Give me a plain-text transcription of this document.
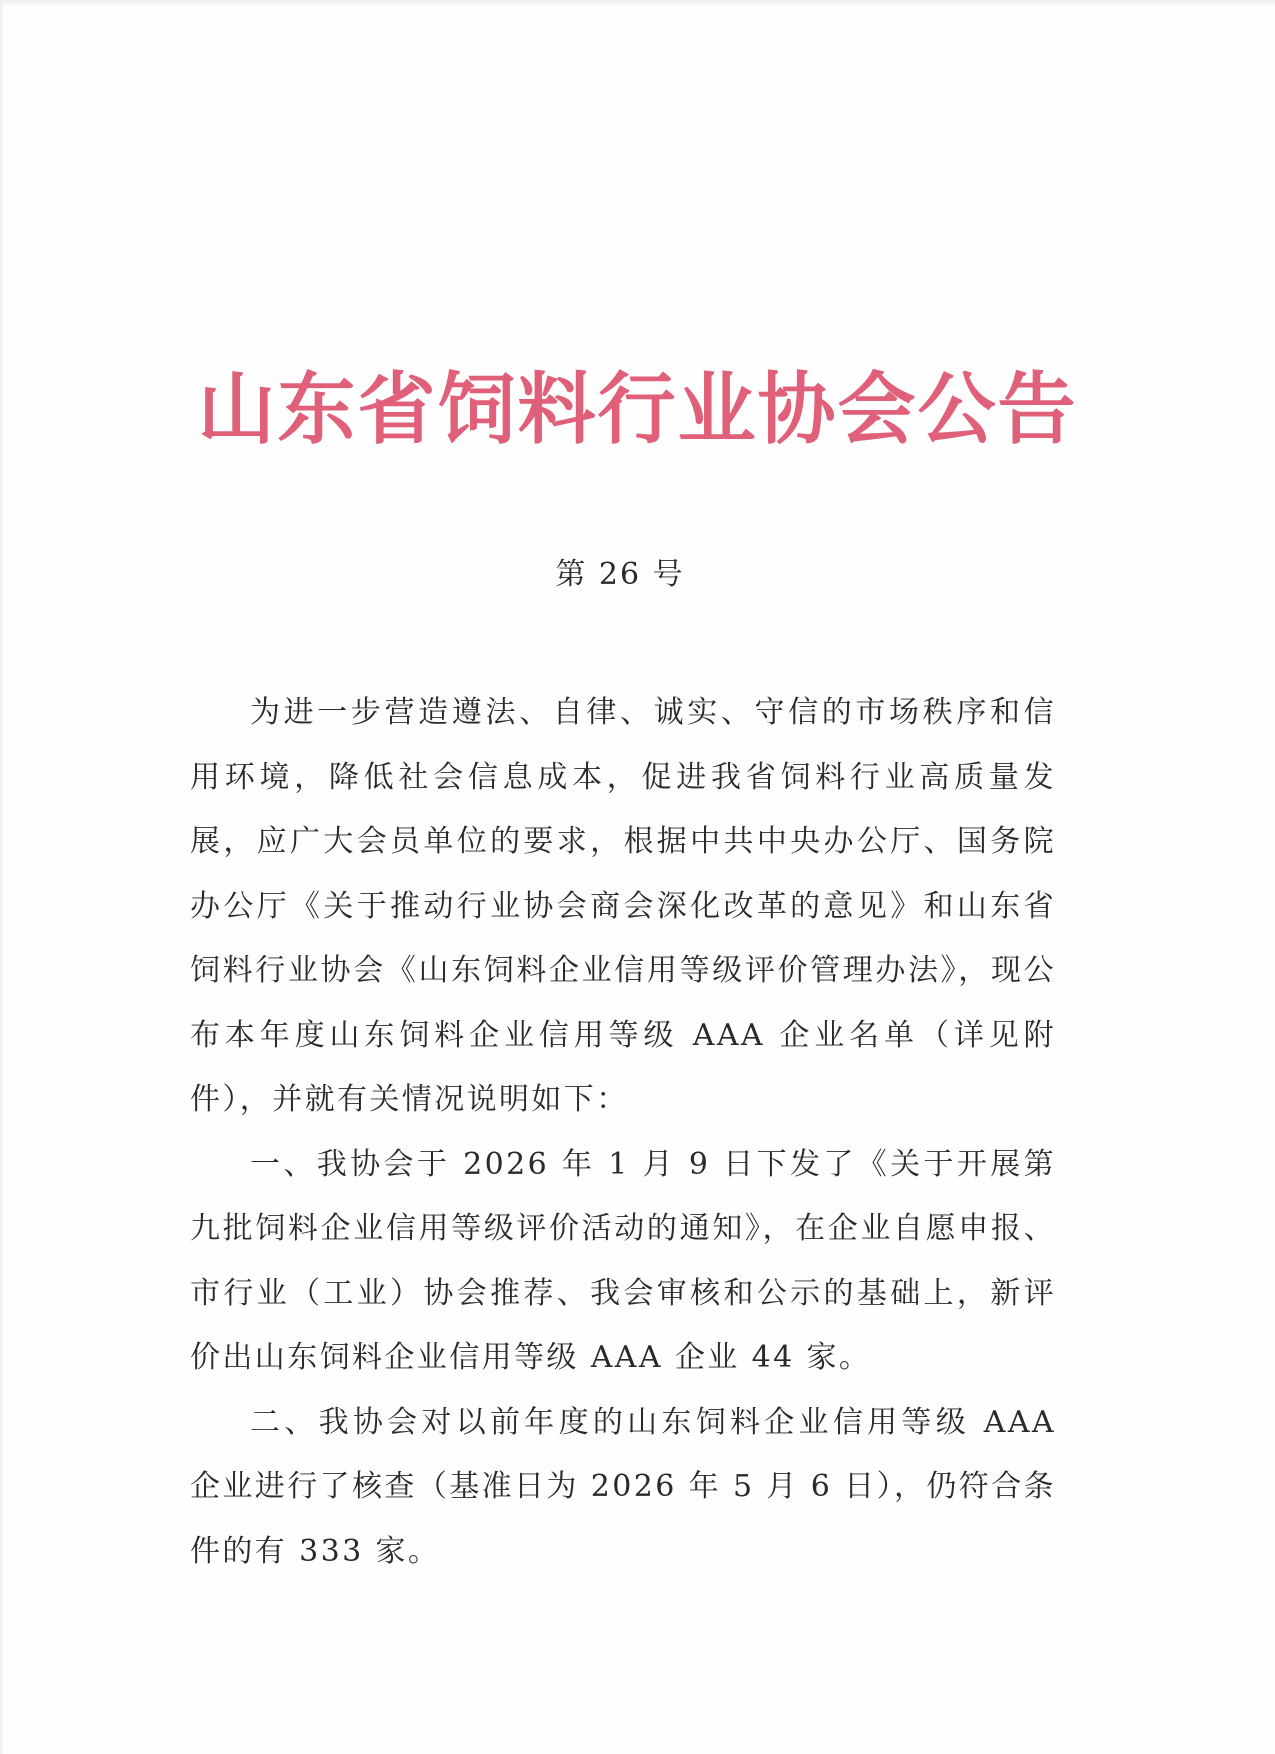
山东省饲料行业协会公告
第 26 号

为进一步营造遵法、自律、诚实、守信的市场秩序和信用环境，降低社会信息成本，促进我省饲料行业高质量发展，应广大会员单位的要求，根据中共中央办公厅、国务院办公厅《关于推动行业协会商会深化改革的意见》和山东省饲料行业协会《山东饲料企业信用等级评价管理办法》，现公布本年度山东饲料企业信用等级 AAA 企业名单（详见附件），并就有关情况说明如下：

一、我协会于 2026 年 1 月 9 日下发了《关于开展第九批饲料企业信用等级评价活动的通知》，在企业自愿申报、市行业（工业）协会推荐、我会审核和公示的基础上，新评价出山东饲料企业信用等级 AAA 企业 44 家。

二、我协会对以前年度的山东饲料企业信用等级 AAA 企业进行了核查（基准日为 2026 年 5 月 6 日），仍符合条件的有 333 家。
